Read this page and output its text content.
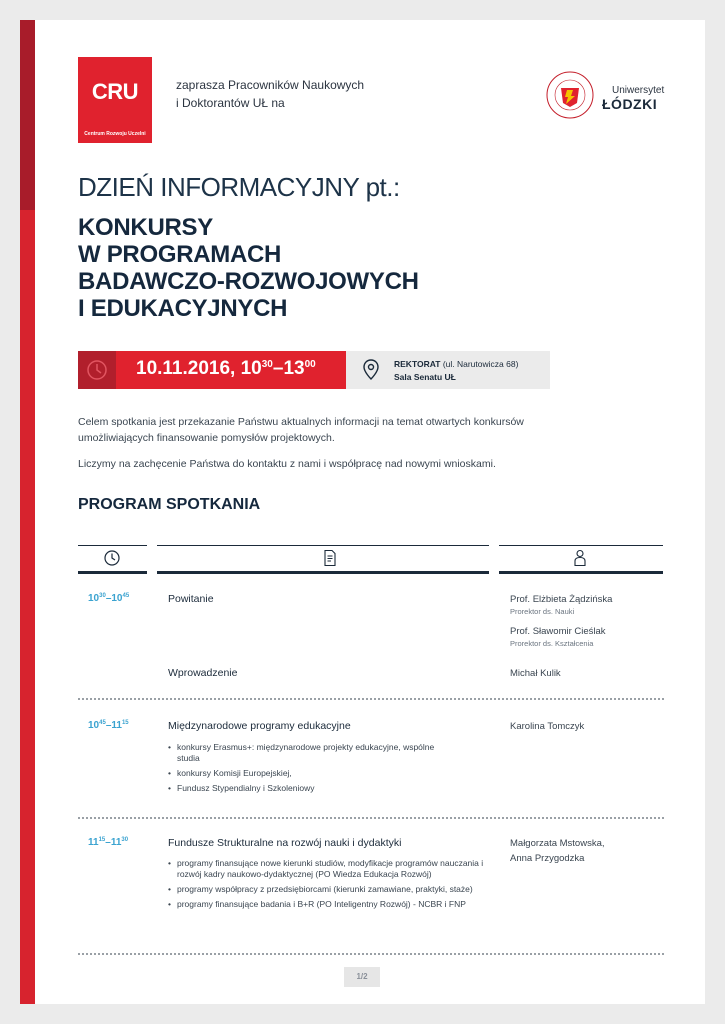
CRU
Centrum Rozwoju Uczelni
zaprasza Pracowników Naukowych
i Doktorantów UŁ na
Uniwersytet
ŁÓDZKI
DZIEŃ INFORMACYJNY pt.:
KONKURSY
W PROGRAMACH
BADAWCZO-ROZWOJOWYCH
I EDUKACYJNYCH
10.11.2016, $10^{30}-13^{00}$	REKTORAT (ul. Narutowicza 68)
Sala Senatu UŁ

Celem spotkania jest przekazanie Państwu aktualnych informacji na temat otwartych konkursów umożliwiających finansowanie pomysłów projektowych.

Liczymy na zachęcenie Państwa do kontaktu z nami i współpracę nad nowymi wnioskami.

PROGRAM SPOTKANIA
$10^{30}-10^{45}$	Powitanie	Prof. Elżbieta Żądzińska
Prorektor ds. Nauki
Prof. Sławomir Cieślak
Prorektor ds. Kształcenia
Wprowadzenie	Michał Kulik
$10^{45}-11^{15}$	Międzynarodowe programy edukacyjne	Karolina Tomczyk
• konkursy Erasmus+: międzynarodowe projekty edukacyjne, wspólne studia
• konkursy Komisji Europejskiej,
• Fundusz Stypendialny i Szkoleniowy
$11^{15}-11^{30}$	Fundusze Strukturalne na rozwój nauki i dydaktyki	Małgorzata Mstowska,
Anna Przygodzka
• programy finansujące nowe kierunki studiów, modyfikacje programów nauczania i rozwój kadry naukowo-dydaktycznej (PO Wiedza Edukacja Rozwój)
• programy współpracy z przedsiębiorcami (kierunki zamawiane, praktyki, staże)
• programy finansujące badania i B+R (PO Inteligentny Rozwój) - NCBR i FNP
1/2
